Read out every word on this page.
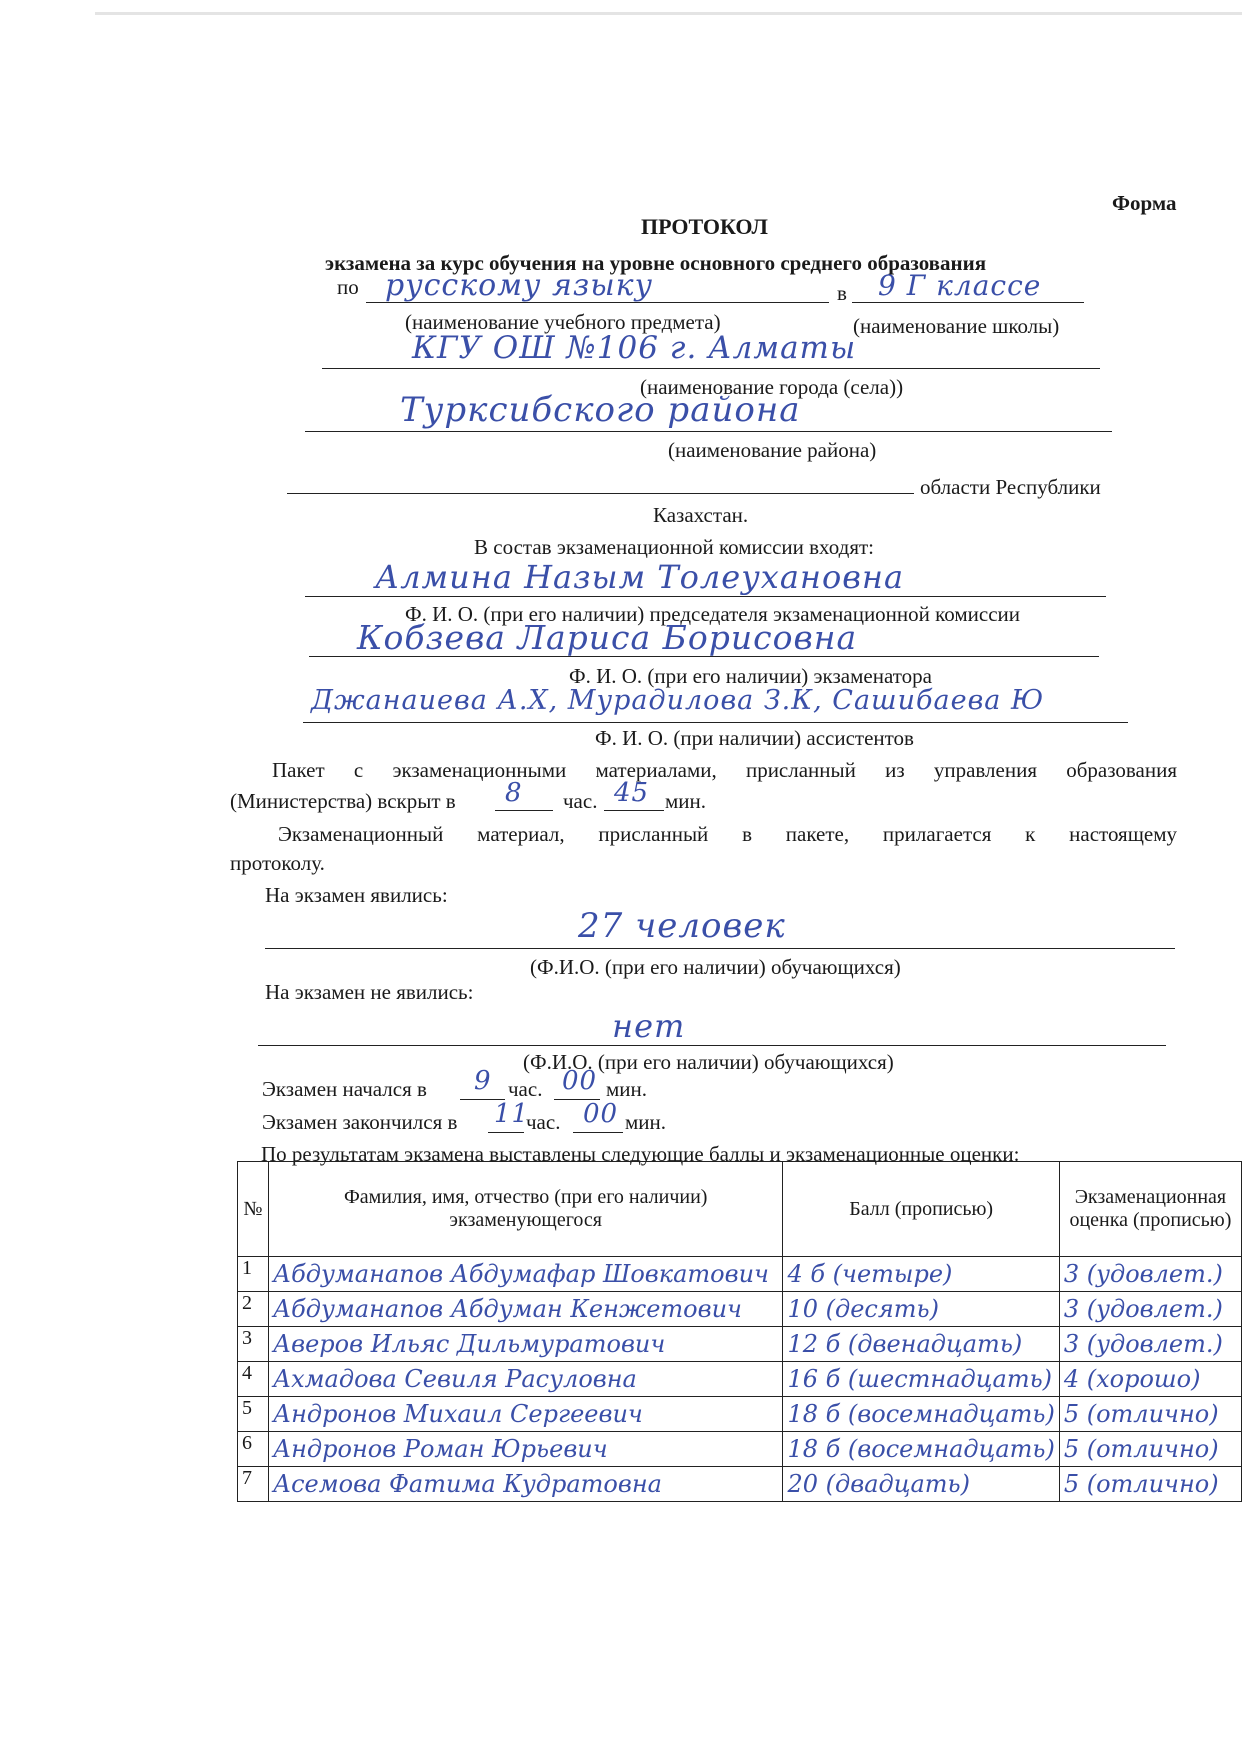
Форма
ПРОТОКОЛ
экзамена за курс обучения на уровне основного среднего образования
по русскому языку	в 9 Г классе
(наименование учебного предмета)	(наименование школы)
КГУ ОШ №106 г. Алматы
(наименование города (села))
Турксибского района
(наименование района)
области Республики
Казахстан.
В состав экзаменационной комиссии входят:
Алмина Назым Толеухановна
Ф. И. О. (при его наличии) председателя экзаменационной комиссии
Кобзева Лариса Борисовна
Ф. И. О. (при его наличии) экзаменатора
Джанаиева А.Х, Мурадилова З.К, Сашибаева Ю
Ф. И. О. (при наличии) ассистентов
Пакет с экзаменационными материалами, присланный из управления образования
(Министерства) вскрыт в 8 час. 45 мин.
Экзаменационный материал, присланный в пакете, прилагается к настоящему
протоколу.
На экзамен явились:
27 человек
(Ф.И.О. (при его наличии) обучающихся)
На экзамен не явились:
нет
(Ф.И.О. (при его наличии) обучающихся)
Экзамен начался в 9 час. 00 мин.
Экзамен закончился в 11
час. 00 мин.
По результатам экзамена выставлены следующие баллы и экзаменационные оценки:
№	Фамилия, имя, отчество (при его наличии) экзаменующегося	Балл (прописью)	Экзаменационная оценка (прописью)
1	Абдуманапов Абдумафар Шовкатович	4 б (четыре)	3 (удовлет.)
2	Абдуманапов Абдуман Кенжетович	10 (десять)	3 (удовлет.)
3	Аверов Ильяс Дильмуратович	12 б (двенадцать)	3 (удовлет.)
4	Ахмадова Севиля Расуловна	16 б (шестнадцать)	4 (хорошо)
5	Андронов Михаил Сергеевич	18 б (восемнадцать)	5 (отлично)
6	Андронов Роман Юрьевич	18 б (восемнадцать)	5 (отлично)
7	Асемова Фатима Кудратовна	20 (двадцать)	5 (отлично)
